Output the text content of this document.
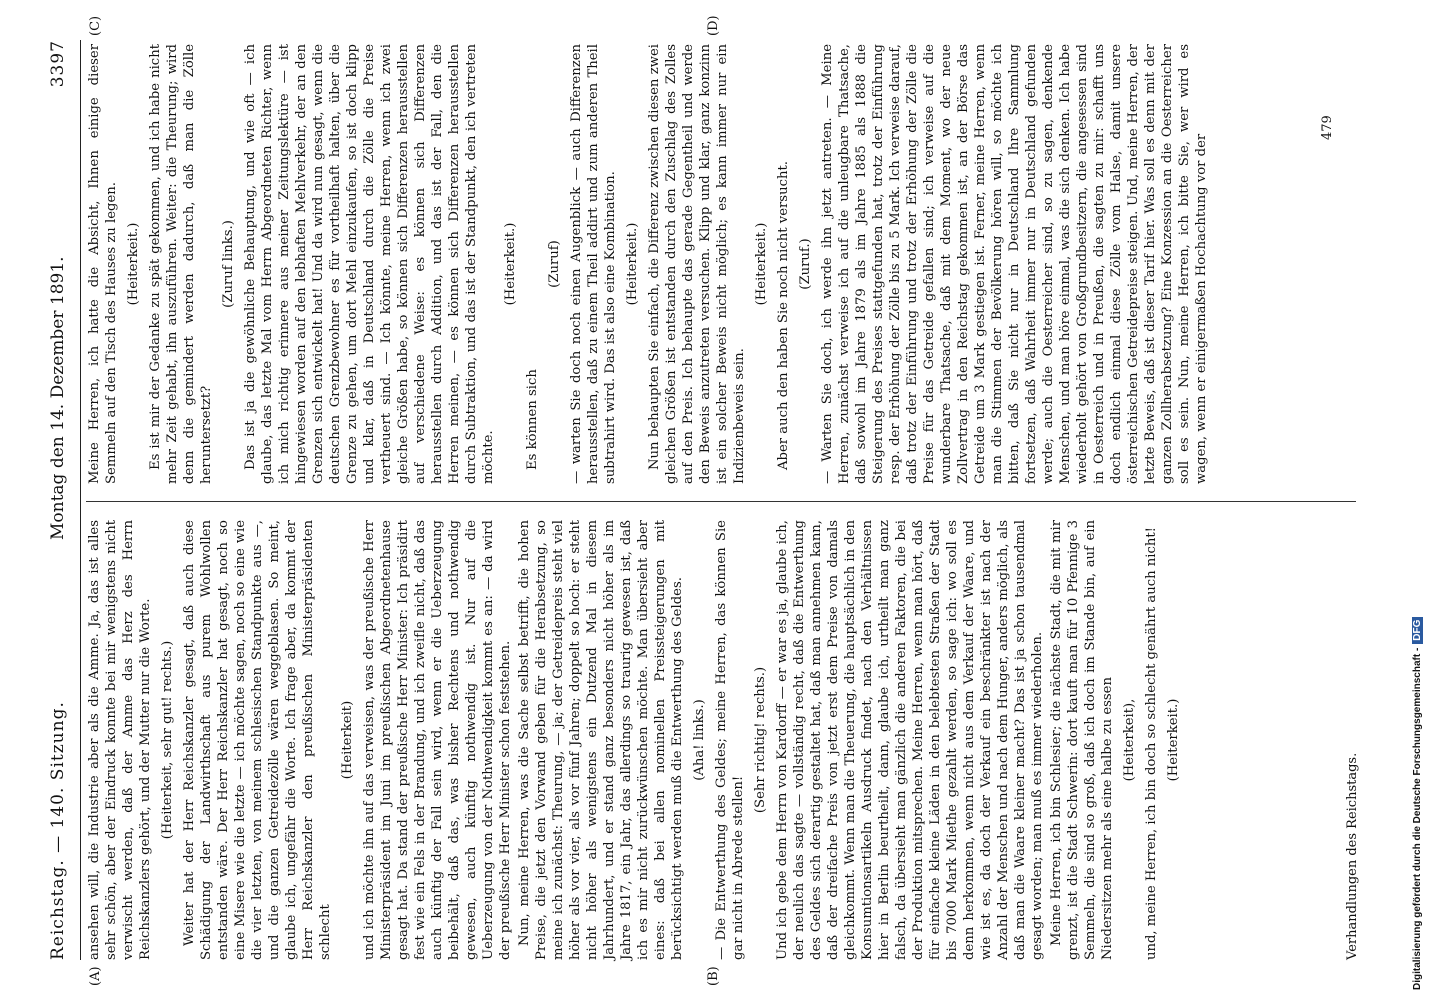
Reichstag. — 140. Sitzung.
Montag den 14. Dezember 1891.
3397
(A)	(B)
(C)	(D)

ansehen will, die Industrie aber als die Amme. Ja, das ist alles sehr schön, aber der Eindruck konnte bei mir wenigstens nicht verwischt werden, daß der Amme das Herz des Herrn Reichskanzlers gehört, und der Mutter nur die Worte. (Heiterkeit, sehr gut! rechts.) Weiter hat der Herr Reichskanzler gesagt, daß auch diese Schädigung der Landwirthschaft aus purem Wohlwollen entstanden wäre. Der Herr Reichskanzler hat gesagt, noch so eine Misere wie die letzte — ich möchte sagen, noch so eine wie die vier letzten, von meinem schlesischen Standpunkte aus —, und die ganzen Getreidezölle wären weggeblasen. So meint, glaube ich, ungefähr die Worte. Ich frage aber, da kommt der Herr Reichskanzler den preußischen Ministerpräsidenten schlecht

(Heiterkeit) und ich möchte ihn auf das verweisen, was der preußische Herr Ministerpräsident im Juni im preußischen Abgeordnetenhause gesagt hat. Da stand der preußische Herr Minister: Ich präsidirt fest wie ein Fels in der Brandung, und ich zweifle nicht, daß das auch künftig der Fall sein wird, wenn er die Ueberzeugung beibehält, daß das, was bisher Rechtens und nothwendig gewesen, auch künftig nothwendig ist. Nur auf die Ueberzeugung von der Nothwendigkeit kommt es an: — da wird der preußische Herr Minister schon feststehen. Nun, meine Herren, was die Sache selbst betrifft, die hohen Preise, die jetzt den Vorwand geben für die Herabsetzung, so meine ich zunächst: Theurung, — ja; der Getreidepreis steht viel höher als vor vier, als vor fünf Jahren; doppelt so hoch: er steht nicht höher als wenigstens ein Dutzend Mal in diesem Jahrhundert, und er stand ganz besonders nicht höher als im Jahre 1817, ein Jahr, das allerdings so traurig gewesen ist, daß ich es mir nicht zurückwünschen möchte. Man übersieht aber eines: daß bei allen nominellen Preissteigerungen mit berücksichtigt werden muß die Entwerthung des Geldes. (Aha! links.) — Die Entwerthung des Geldes; meine Herren, das können Sie gar nicht in Abrede stellen!

(Sehr richtig! rechts.) Und ich gebe dem Herrn von Kardorff — er war es ja, glaube ich, der neulich das sagte — vollständig recht, daß die Entwerthung des Geldes sich derartig gestaltet hat, daß man annehmen kann, daß der dreifache Preis von jetzt erst dem Preise von damals gleichkommt. Wenn man die Theuerung, die hauptsächlich in den Konsumtionsartikeln Ausdruck findet, nach den Verhältnissen hier in Berlin beurtheilt, dann, glaube ich, urtheilt man ganz falsch, da übersieht man gänzlich die anderen Faktoren, die bei der Produktion mitsprechen. Meine Herren, wenn man hört, daß für einfache kleine Läden in den belebtesten Straßen der Stadt bis 7000 Mark Miethe gezahlt werden, so sage ich: wo soll es denn herkommen, wenn nicht aus dem Verkauf der Waare, und wie ist es, da doch der Verkauf ein beschränkter ist nach der Anzahl der Menschen und nach dem Hunger, anders möglich, als daß man die Waare kleiner macht? Das ist ja schon tausendmal gesagt worden; man muß es immer wiederholen. Meine Herren, ich bin Schlesier; die nächste Stadt, die mit mir grenzt, ist die Stadt Schwerin: dort kauft man für 10 Pfennige 3 Semmeln, die sind so groß, daß ich doch im Stande bin, auf ein Niedersitzen mehr als eine halbe zu essen (Heiterkeit), und, meine Herren, ich bin doch so schlecht genährt auch nicht! (Heiterkeit.)

Meine Herren, ich hatte die Absicht, Ihnen einige dieser Semmeln auf den Tisch des Hauses zu legen. (Heiterkeit.) Es ist mir der Gedanke zu spät gekommen, und ich habe nicht mehr Zeit gehabt, ihn auszuführen. Weiter: die Theurung; wird denn die gemindert werden dadurch, daß man die Zölle heruntersetzt?

(Zuruf links.) Das ist ja die gewöhnliche Behauptung, und wie oft — ich glaube, das letzte Mal vom Herrn Abgeordneten Richter, wenn ich mich richtig erinnere aus meiner Zeitungslektüre — ist hingewiesen worden auf den lebhaften Mehlverkehr, der an den Grenzen sich entwickelt hat! Und da wird nun gesagt, wenn die deutschen Grenzbewohner es für vortheilhaft halten, über die Grenze zu gehen, um dort Mehl einzukaufen, so ist doch klipp und klar, daß in Deutschland durch die Zölle die Preise vertheuert sind. — Ich könnte, meine Herren, wenn ich zwei gleiche Größen habe, so können sich Differenzen herausstellen auf verschiedene Weise: es können sich Differenzen herausstellen durch Addition, und das ist der Fall, den die Herren meinen, — es können sich Differenzen herausstellen durch Subtraktion, und das ist der Standpunkt, den ich vertreten möchte.

(Heiterkeit.)

Es können sich

(Zuruf) — warten Sie doch noch einen Augenblick — auch Differenzen herausstellen, daß zu einem Theil addirt und zum anderen Theil subtrahirt wird. Das ist also eine Kombination. (Heiterkeit.) Nun behaupten Sie einfach, die Differenz zwischen diesen zwei gleichen Größen ist entstanden durch den Zuschlag des Zolles auf den Preis. Ich behaupte das gerade Gegentheil und werde den Beweis anzutreten versuchen. Klipp und klar, ganz konzinn ist ein solcher Beweis nicht möglich; es kann immer nur ein Indizienbeweis sein.

(Heiterkeit.) Aber auch den haben Sie noch nicht versucht. (Zuruf.) — Warten Sie doch, ich werde ihn jetzt antreten. — Meine Herren, zunächst verweise ich auf die unleugbare Thatsache, daß sowohl im Jahre 1879 als im Jahre 1885 als 1888 die Steigerung des Preises stattgefunden hat, trotz der Einführung resp. der Erhöhung der Zölle bis zu 5 Mark. Ich verweise darauf, daß trotz der Einführung und trotz der Erhöhung der Zölle die Preise für das Getreide gefallen sind; ich verweise auf die wunderbare Thatsache, daß mit dem Moment, wo der neue Zollvertrag in den Reichstag gekommen ist, an der Börse das Getreide um 3 Mark gestiegen ist. Ferner, meine Herren, wenn man die Stimmen der Bevölkerung hören will, so möchte ich bitten, daß Sie nicht nur in Deutschland Ihre Sammlung fortsetzen, daß Wahrheit immer nur in Deutschland gefunden werde; auch die Oesterreicher sind, so zu sagen, denkende Menschen, und man höre einmal, was die sich denken. Ich habe wiederholt gehört von Großgrundbesitzern, die angesessen sind in Oesterreich und in Preußen, die sagten zu mir: schafft uns doch endlich einmal diese Zölle vom Halse, damit unsere österreichischen Getreidepreise steigen. Und, meine Herren, der letzte Beweis, daß ist dieser Tarif hier. Was soll es denn mit der ganzen Zollherabsetzung? Eine Konzession an die Oesterreicher soll es sein. Nun, meine Herren, ich bitte Sie, wer wird es wagen, wenn er einigermaßen Hochachtung vor der

Verhandlungen des Reichstags.
479
Digitalisierung gefördert durch die Deutsche Forschungsgemeinschaft -DFG
